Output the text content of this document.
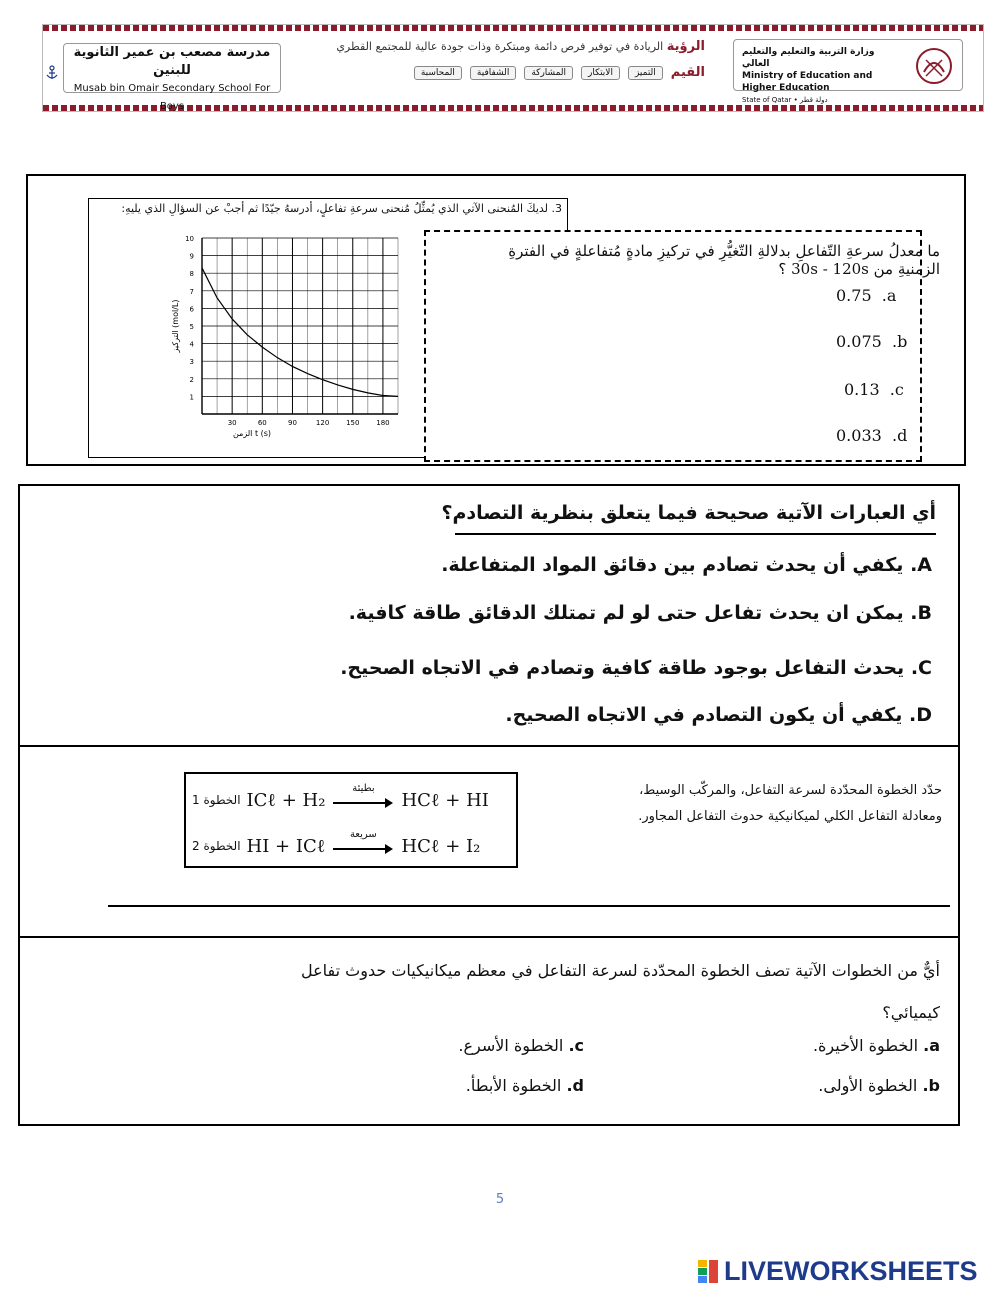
مدرسة مصعب بن عمير الثانوية للبنين
Musab bin Omair Secondary School For Boys
الرؤية الريادة في توفير فرص دائمة ومبتكرة وذات جودة عالية للمجتمع القطري
القيم
التميز
الابتكار
المشاركة
الشفافية
المحاسبة
وزارة التربية والتعليم والتعليم العالي
Ministry of Education and Higher Education
State of Qatar • دولة قطر
3. لديكَ المُنحنى الآتي الذي يُمثِّلُ مُنحنى سرعةِ تفاعلٍ، أدرسهُ جيّدًا ثم أجبْ عن السؤالِ الذي يليهِ:
1
2
3
4
5
6
7
8
9
10
30	60	90	120 150 180
الزمن t (s)
التركيز (mol/L)
ما معدلُ سرعةِ التّفاعلِ بدلالةِ التّغيُّرِ في تركيزِ مادةٍ مُتفاعلةٍ في الفترةِ الزمنيةِ من 30s - 120s ؟
0.75  .a
0.075  .b
0.13  .c
0.033  .d
أي العبارات الآتية صحيحة فيما يتعلق بنظرية التصادم؟
A. يكفي أن يحدث تصادم بين دقائق المواد المتفاعلة.
B. يمكن ان يحدث تفاعل حتى لو لم تمتلك الدقائق طاقة كافية.
C. يحدث التفاعل بوجود طاقة كافية وتصادم في الاتجاه الصحيح.
D. يكفي أن يكون التصادم في الاتجاه الصحيح.
الخطوة 1 ICℓ + H₂
بطيئة
HCℓ + HI
الخطوة 2 HI + ICℓ
سريعة
HCℓ + I₂
حدّد الخطوة المحدّدة لسرعة التفاعل، والمركّب الوسيط،
ومعادلة التفاعل الكلي لميكانيكية حدوث التفاعل المجاور.
أيٌّ من الخطوات الآتية تصف الخطوة المحدّدة لسرعة التفاعل في معظم ميكانيكيات حدوث تفاعل
كيميائي؟
a. الخطوة الأخيرة.
b. الخطوة الأولى.
c. الخطوة الأسرع.
d. الخطوة الأبطأ.
5
LIVEWORKSHEETS
